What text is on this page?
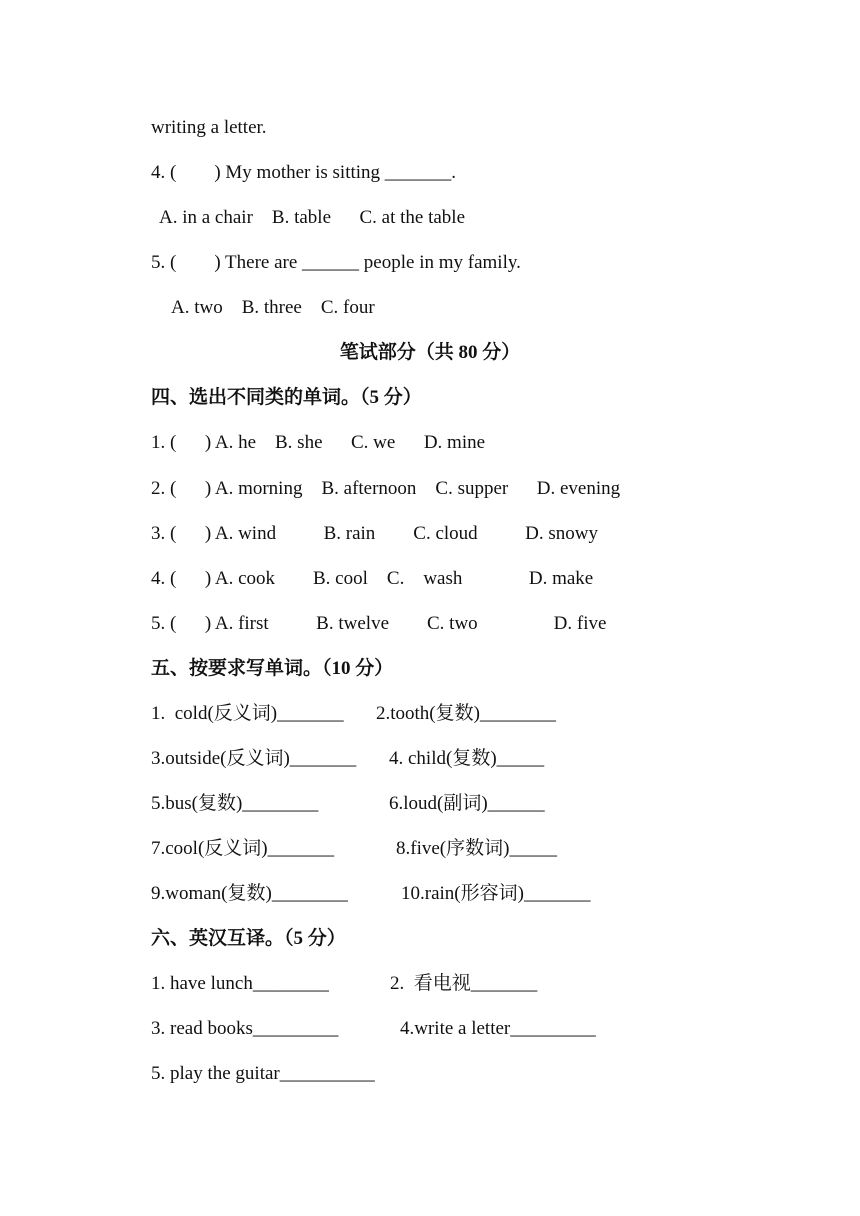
writing a letter.

4. (        ) My mother is sitting _______.

A. in a chair    B. table      C. at the table

5. (        ) There are ______ people in my family.

A. two    B. three    C. four

笔试部分（共 80 分）

四、选出不同类的单词。（5 分）

1. (      ) A. he    B. she      C. we      D. mine

2. (      ) A. morning    B. afternoon    C. supper      D. evening

3. (      ) A. wind          B. rain        C. cloud          D. snowy

4. (      ) A. cook        B. cool    C.    wash              D. make

5. (      ) A. first          B. twelve        C. two                D. five

五、按要求写单词。（10 分）

1.  cold(反义词)_______ 2.tooth(复数)________

3.outside(反义词)_______ 4. child(复数)_____

5.bus(复数)________	6.loud(副词)______

7.cool(反义词)_______	8.five(序数词)_____

9.woman(复数)________	10.rain(形容词)_______

六、英汉互译。（5 分）

1. have lunch________	2.  看电视_______

3. read books_________	4.write a letter_________

5. play the guitar__________
